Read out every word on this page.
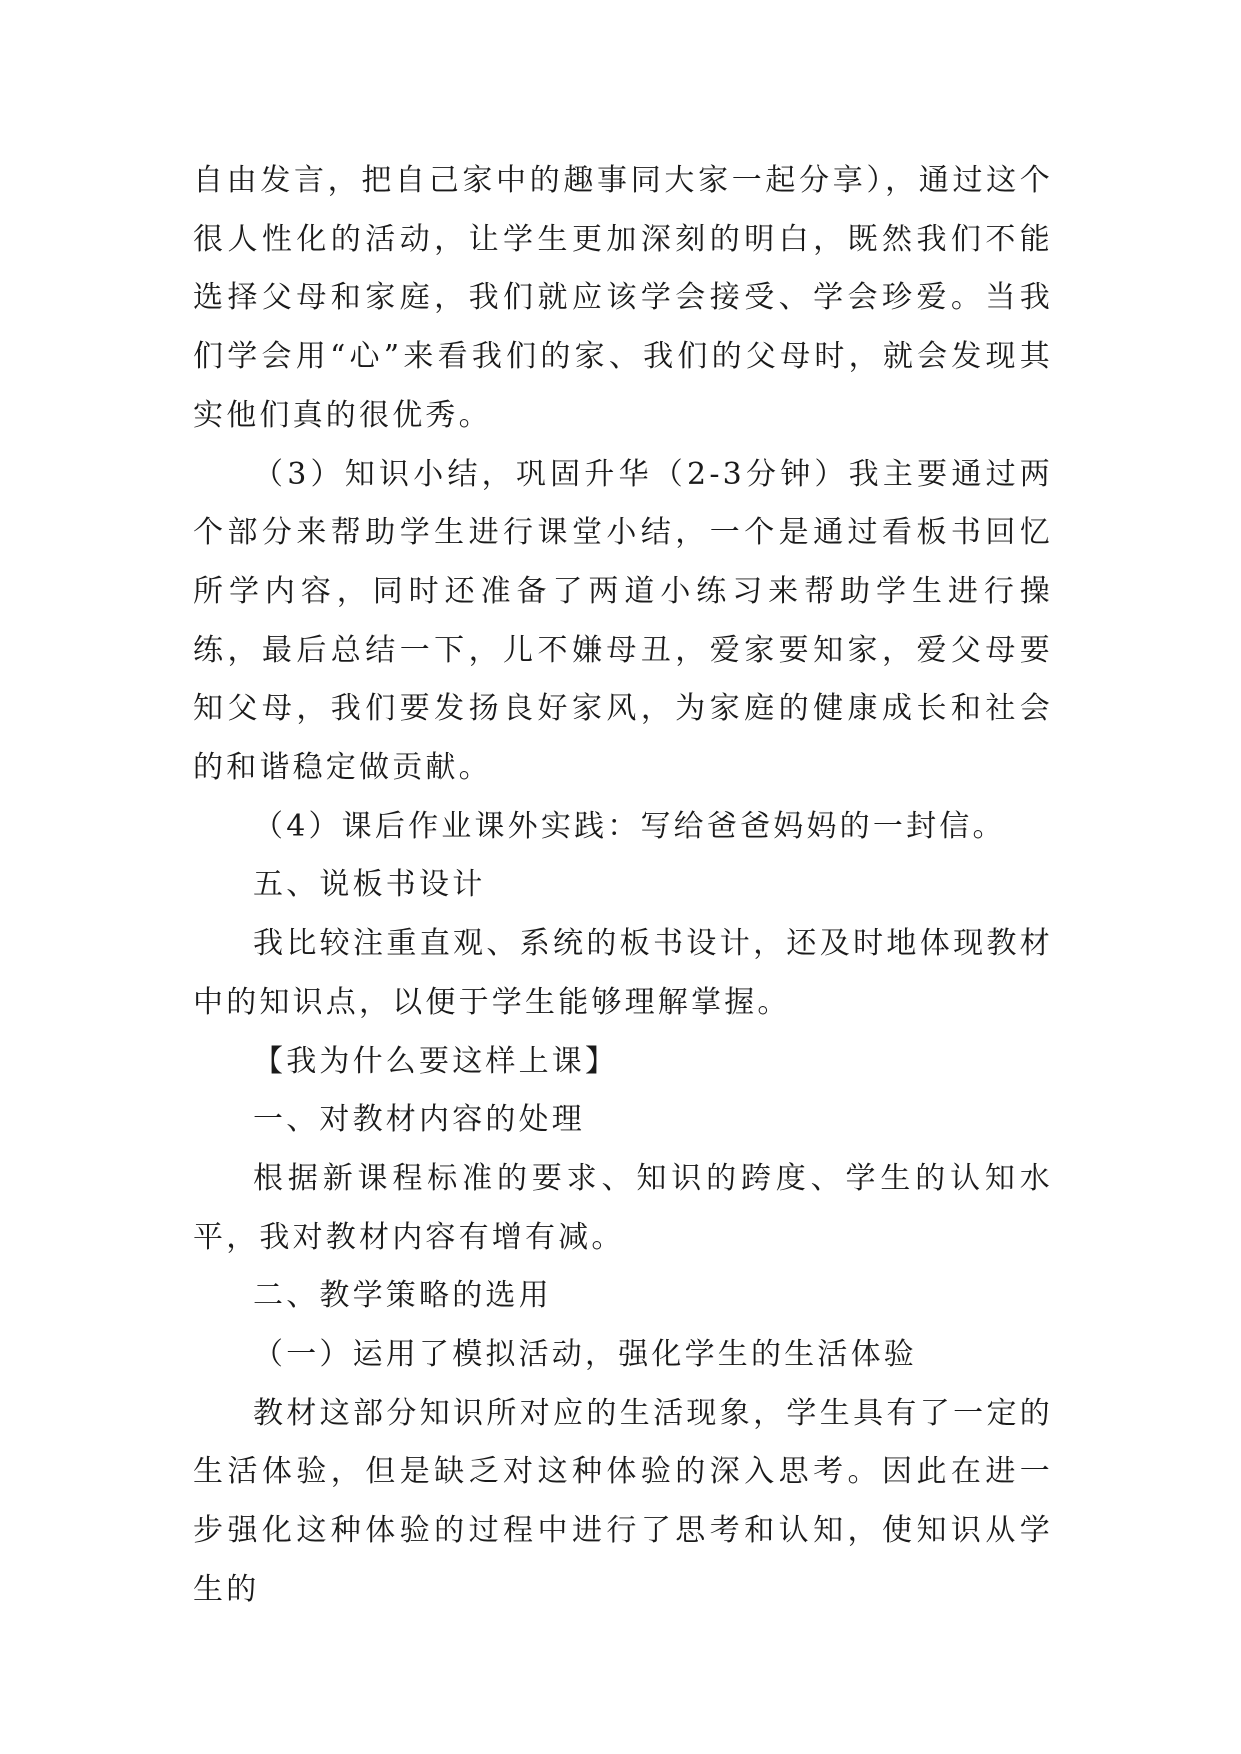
自由发言，把自己家中的趣事同大家一起分享），通过这个很人性化的活动，让学生更加深刻的明白，既然我们不能选择父母和家庭，我们就应该学会接受、学会珍爱。当我们学会用“心”来看我们的家、我们的父母时，就会发现其实他们真的很优秀。

（3）知识小结，巩固升华（2-3分钟）我主要通过两个部分来帮助学生进行课堂小结，一个是通过看板书回忆所学内容，同时还准备了两道小练习来帮助学生进行操练，最后总结一下，儿不嫌母丑，爱家要知家，爱父母要知父母，我们要发扬良好家风，为家庭的健康成长和社会的和谐稳定做贡献。

（4）课后作业课外实践：写给爸爸妈妈的一封信。

五、说板书设计

我比较注重直观、系统的板书设计，还及时地体现教材中的知识点，以便于学生能够理解掌握。

【我为什么要这样上课】

一、对教材内容的处理

根据新课程标准的要求、知识的跨度、学生的认知水平，我对教材内容有增有减。

二、教学策略的选用

（一）运用了模拟活动，强化学生的生活体验

教材这部分知识所对应的生活现象，学生具有了一定的生活体验，但是缺乏对这种体验的深入思考。因此在进一步强化这种体验的过程中进行了思考和认知，使知识从学生的
